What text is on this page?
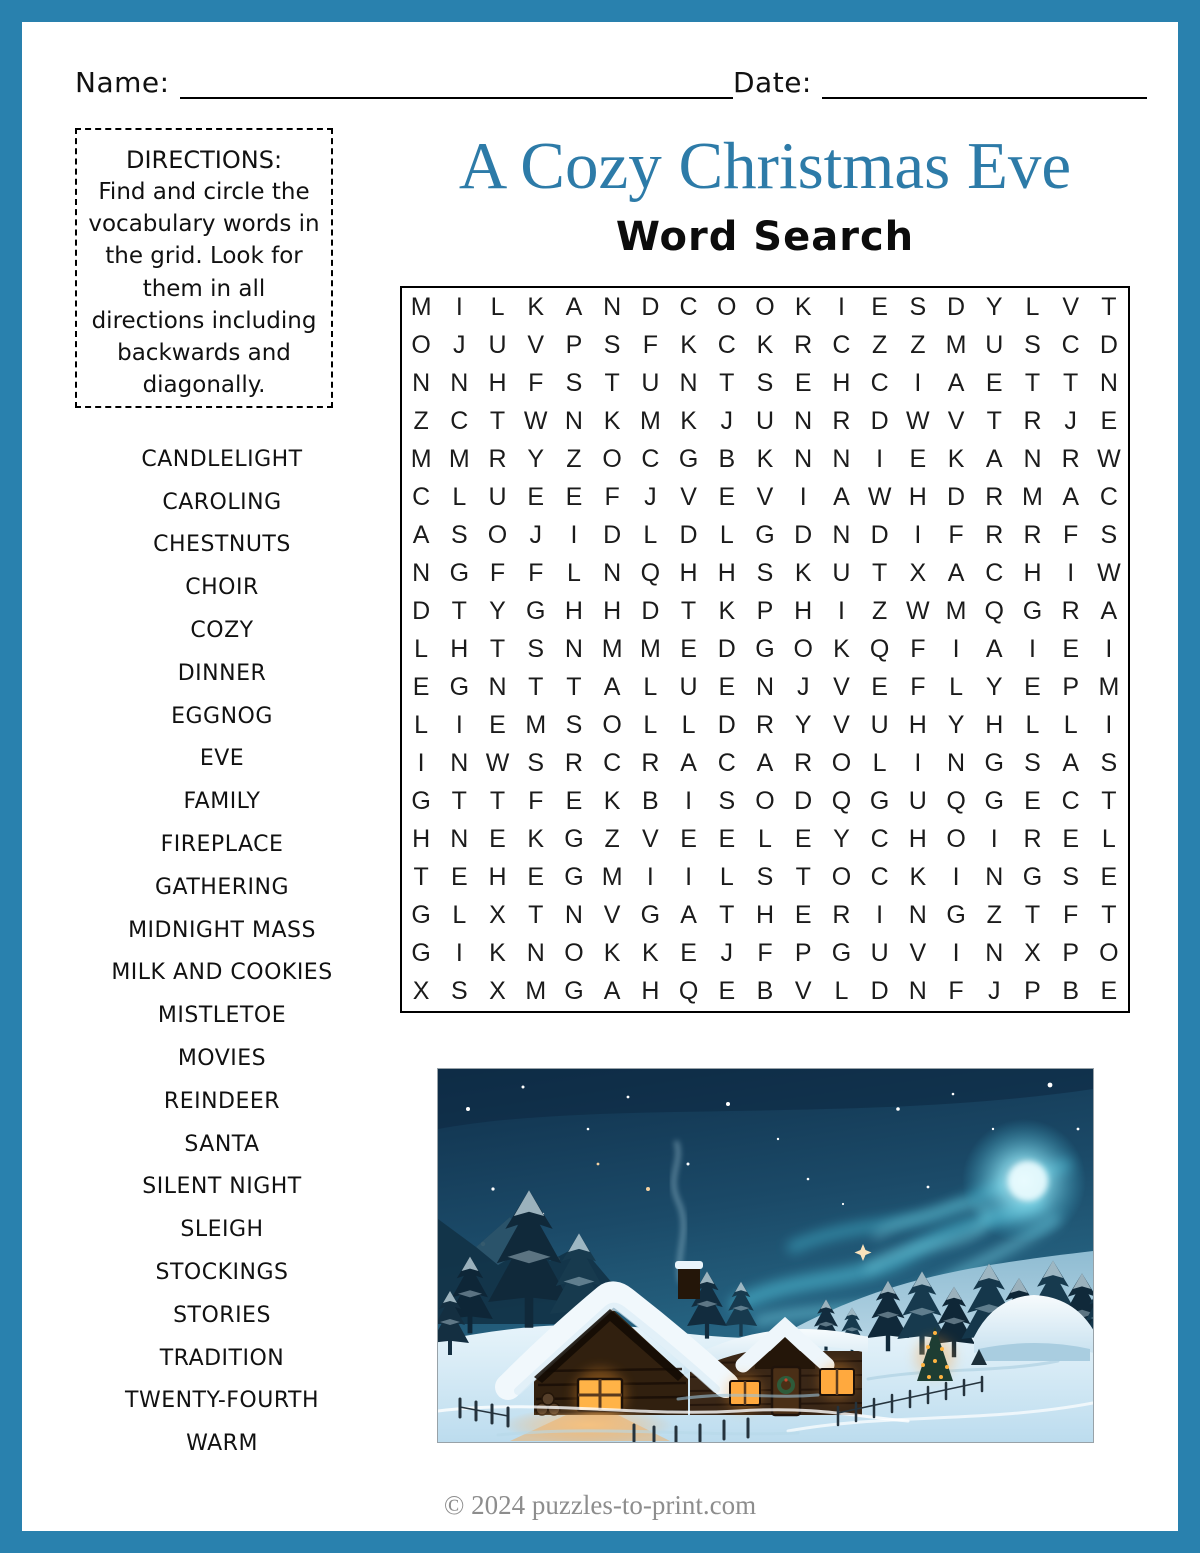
Name:	Date:
DIRECTIONS:
Find and circle the vocabulary words in the grid. Look for them in all directions including backwards and diagonally.
A Cozy Christmas Eve
Word Search
M I	L K A N D C O O K	I	E S D Y L V T
O J U V P S F K C K R C Z Z M U S C D
N N H F S T U N T S E H C	I	A E T T N
Z C T W N K M K J U N R D W V T R J E
M M R Y Z O C G B K N N	I	E K A N R W
C L U E E F J V E V	I	A W H D R M A C
A S O J	I	D L D L G D N D	I	F R R F S
N G F F L N Q H H S K U T X A C H	I W
D T Y G H H D T K P H	I	Z W M Q G R A
L H T S N M M E D G O K Q F	I	A	I	E	I
E G N T T A L U E N J V E F L Y E P M
L	I	E M S O L L D R Y V U H Y H L L	I
I	N W S R C R A C A R O L	I	N G S A S
G T T F E K B	I	S O D Q G U Q G E C T
H N E K G Z V E E L E Y C H O	I	R E L
T E H E G M I	I	L S T O C K	I	N G S E
G L X T N V G A T H E R	I	N G Z T F T
G	I	K N O K K E J F P G U V	I	N X P O
X S X M G A H Q E B V L D N F J P B E
CANDLELIGHT
CAROLING
CHESTNUTS
CHOIR
COZY
DINNER
EGGNOG
EVE
FAMILY
FIREPLACE
GATHERING
MIDNIGHT MASS
MILK AND COOKIES
MISTLETOE
MOVIES
REINDEER
SANTA
SILENT NIGHT
SLEIGH
STOCKINGS
STORIES
TRADITION
TWENTY-FOURTH
WARM
© 2024 puzzles-to-print.com
